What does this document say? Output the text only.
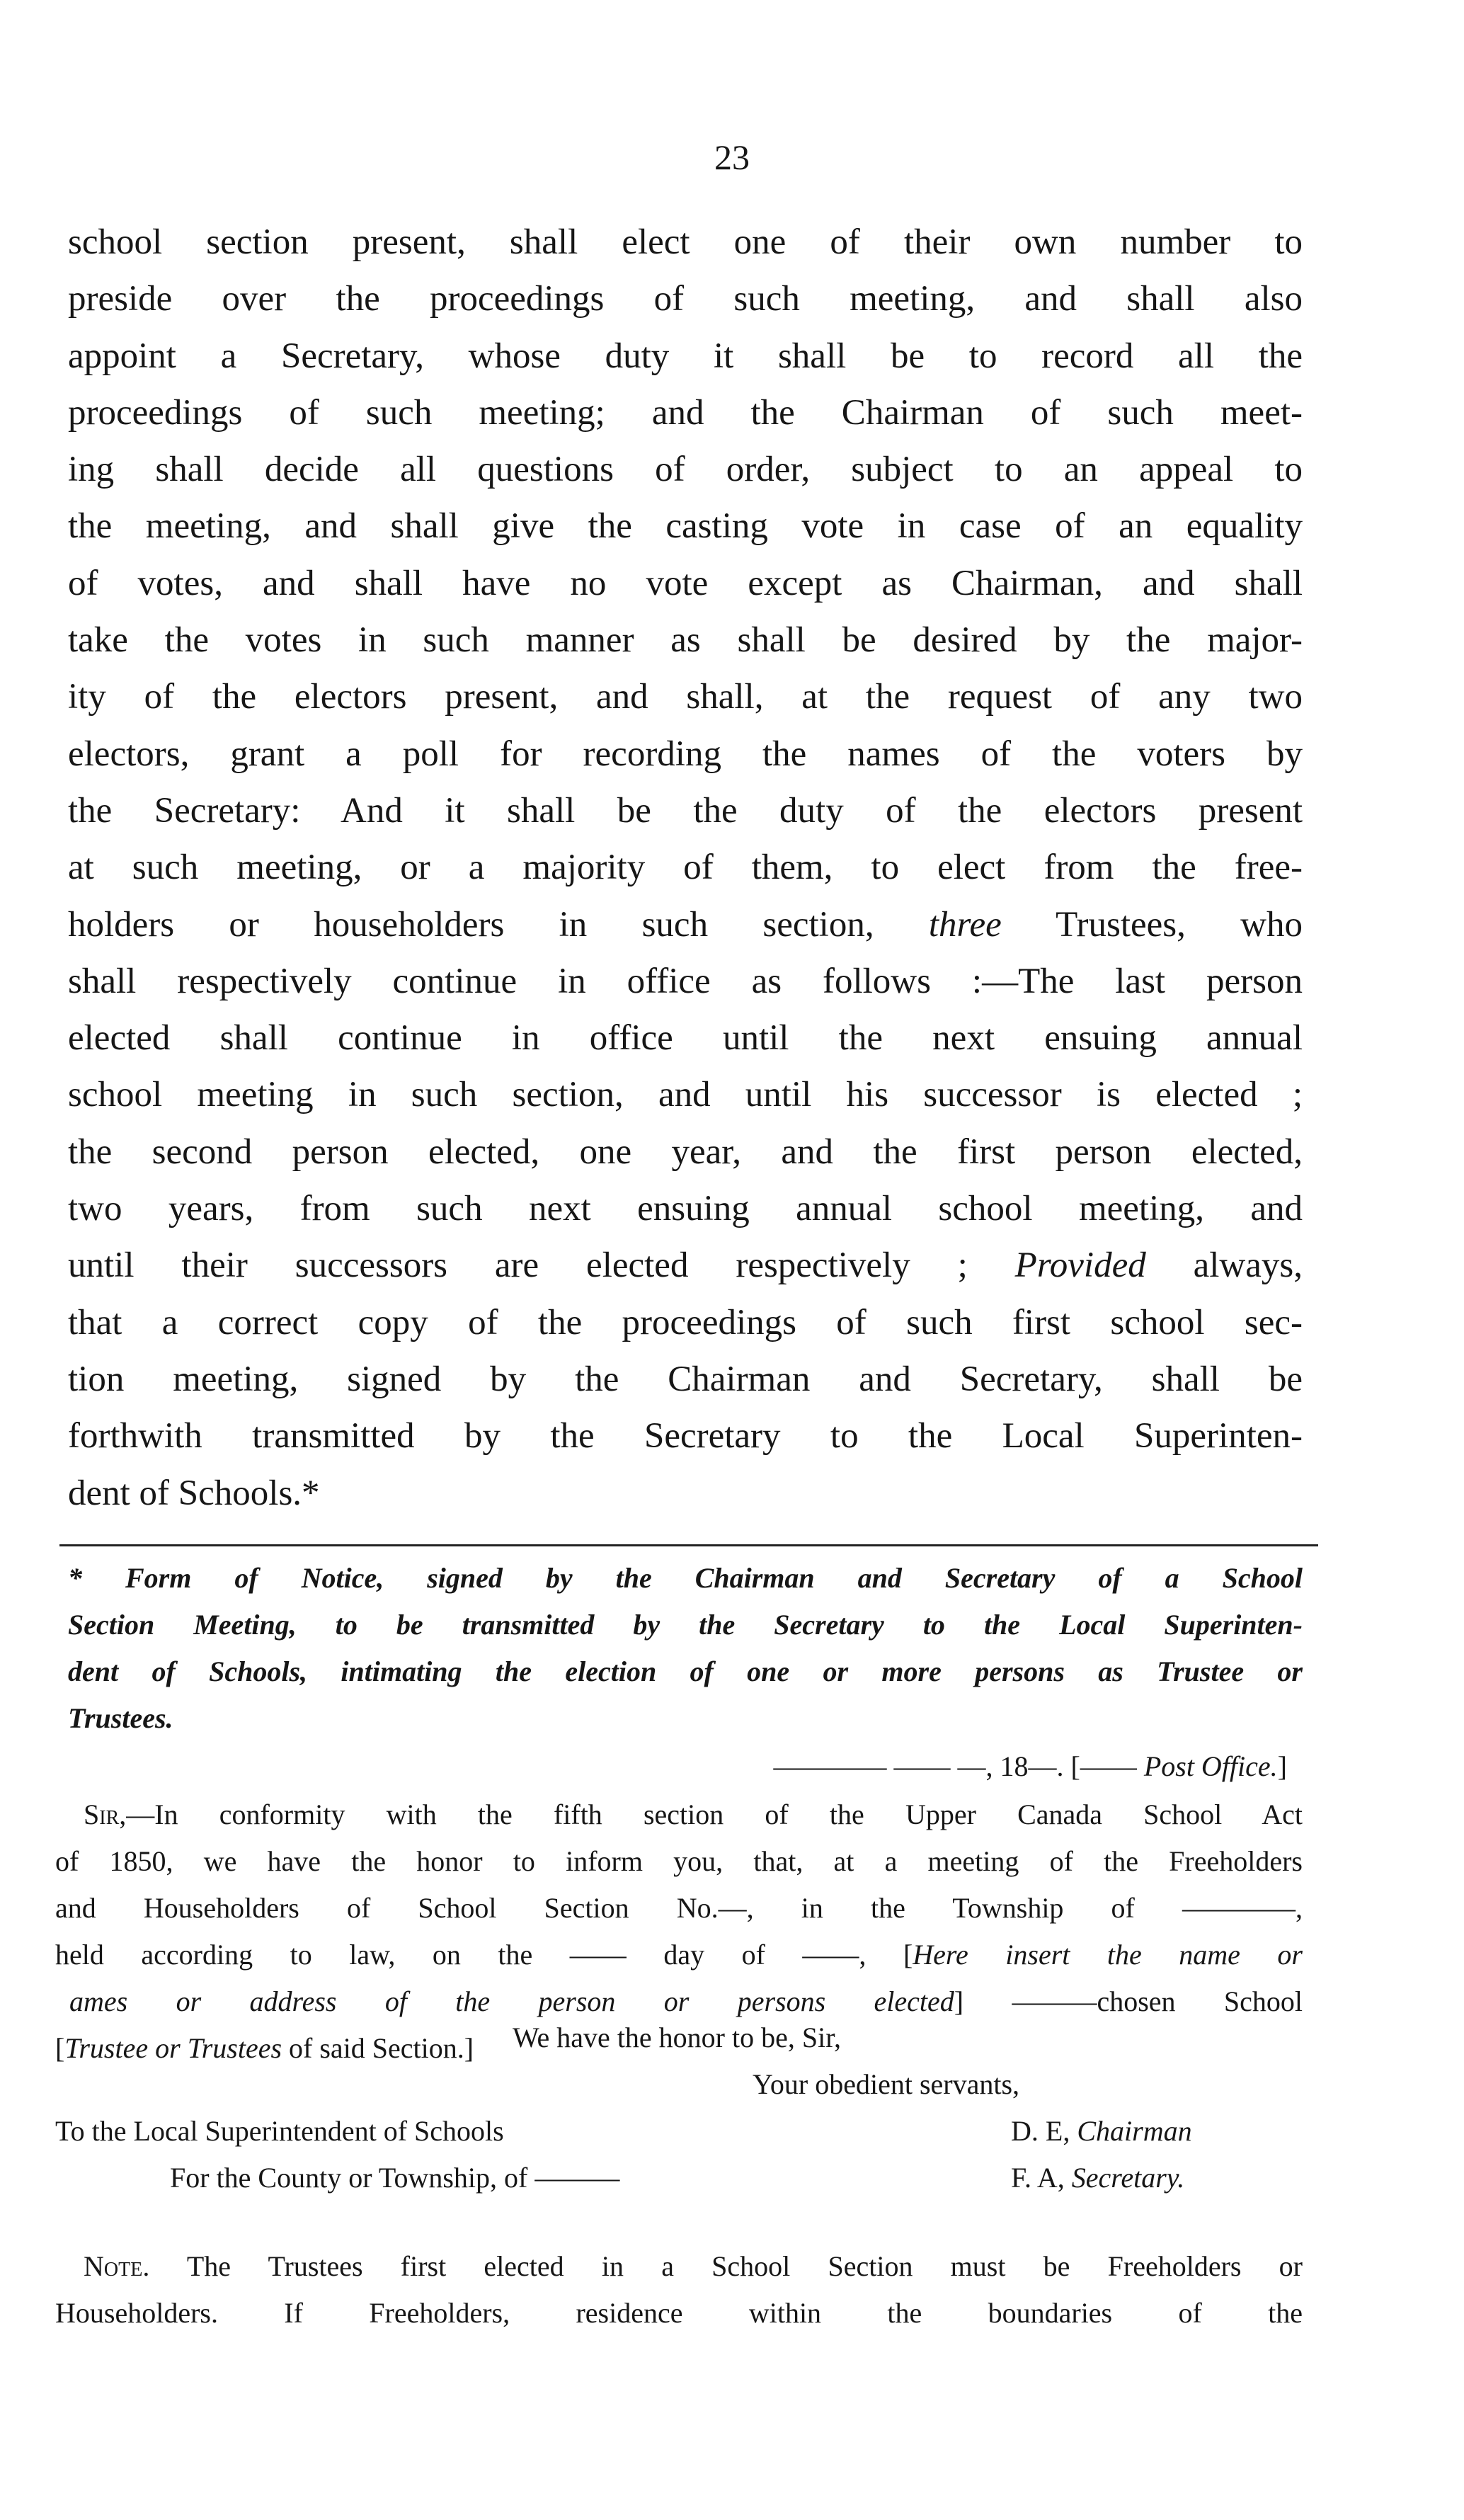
23
school section present, shall elect one of their own number to
preside over the proceedings of such meeting, and shall also
appoint a Secretary, whose duty it shall be to record all the
proceedings of such meeting; and the Chairman of such meet-
ing shall decide all questions of order, subject to an appeal to
the meeting, and shall give the casting vote in case of an equality
of votes, and shall have no vote except as Chairman, and shall
take the votes in such manner as shall be desired by the major-
ity of the electors present, and shall, at the request of any two
electors, grant a poll for recording the names of the voters by
the Secretary: And it shall be the duty of the electors present
at such meeting, or a majority of them, to elect from the free-
holders or householders in such section, three Trustees, who
shall respectively continue in office as follows :—The last person
elected shall continue in office until the next ensuing annual
school meeting in such section, and until his successor is elected ;
the second person elected, one year, and the first person elected,
two years, from such next ensuing annual school meeting, and
until their successors are elected respectively ; Provided always,
that a correct copy of the proceedings of such first school sec-
tion meeting, signed by the Chairman and Secretary, shall be
forthwith transmitted by the Secretary to the Local Superinten-
dent of Schools.*
* Form of Notice, signed by the Chairman and Secretary of a School
Section Meeting, to be transmitted by the Secretary to the Local Superinten-
dent of Schools, intimating the election of one or more persons as Trustee or
Trustees.
———— —— —, 18—. [—— Post Office.]
Sir,—In conformity with the fifth section of the Upper Canada School Act
of 1850, we have the honor to inform you, that, at a meeting of the Freeholders
and Householders of School Section No.—, in the Township of ————,
held according to law, on the —— day of ——, [Here insert the name or
ames or address of the person or persons elected] ———chosen School
[Trustee or Trustees of said Section.]	We have the honor to be, Sir,
Your obedient servants,
To the Local Superintendent of Schools	D. E, Chairman
For the County or Township, of ———	F. A, Secretary.
Note. The Trustees first elected in a School Section must be Freeholders or
Householders. If Freeholders, residence within the boundaries of the
